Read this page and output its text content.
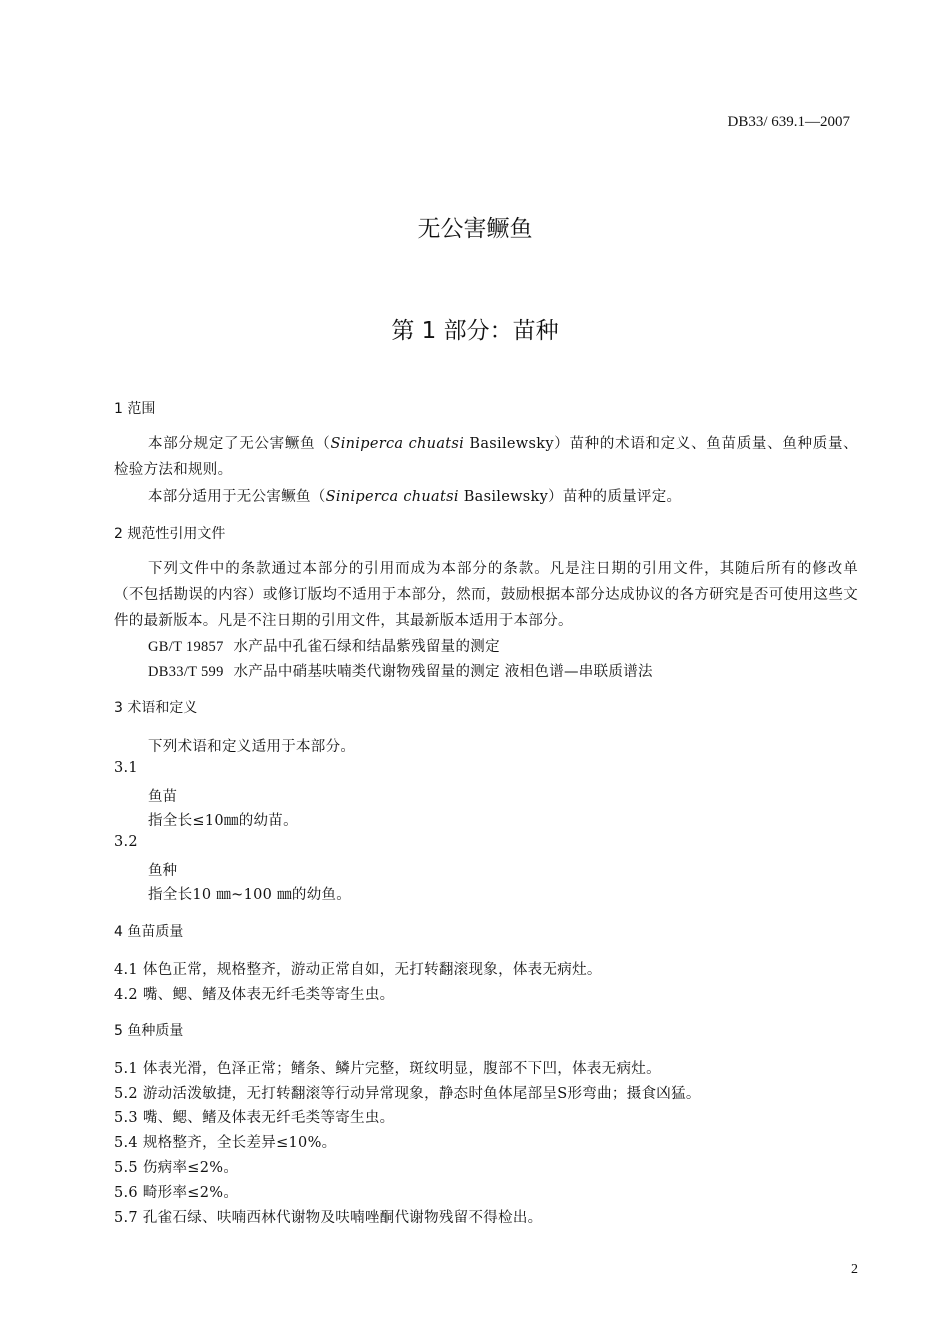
DB33/ 639.1—2007
无公害鳜鱼
第 1 部分：苗种
1 范围
本部分规定了无公害鳜鱼（Siniperca chuatsi Basilewsky）苗种的术语和定义、鱼苗质量、鱼种质量、检验方法和规则。
本部分适用于无公害鳜鱼（Siniperca chuatsi Basilewsky）苗种的质量评定。
2 规范性引用文件
下列文件中的条款通过本部分的引用而成为本部分的条款。凡是注日期的引用文件，其随后所有的修改单（不包括勘误的内容）或修订版均不适用于本部分，然而，鼓励根据本部分达成协议的各方研究是否可使用这些文件的最新版本。凡是不注日期的引用文件，其最新版本适用于本部分。
GB/T 19857 水产品中孔雀石绿和结晶紫残留量的测定
DB33/T 599 水产品中硝基呋喃类代谢物残留量的测定 液相色谱—串联质谱法
3 术语和定义
下列术语和定义适用于本部分。
3.1
鱼苗
指全长≤10㎜的幼苗。
3.2
鱼种
指全长10 ㎜~100 ㎜的幼鱼。
4 鱼苗质量
4.1 体色正常，规格整齐，游动正常自如，无打转翻滚现象，体表无病灶。
4.2 嘴、鳃、鳍及体表无纤毛类等寄生虫。
5 鱼种质量
5.1 体表光滑，色泽正常；鳍条、鳞片完整，斑纹明显，腹部不下凹，体表无病灶。
5.2 游动活泼敏捷，无打转翻滚等行动异常现象，静态时鱼体尾部呈S形弯曲；摄食凶猛。
5.3 嘴、鳃、鳍及体表无纤毛类等寄生虫。
5.4 规格整齐，全长差异≤10%。
5.5 伤病率≤2%。
5.6 畸形率≤2%。
5.7 孔雀石绿、呋喃西林代谢物及呋喃唑酮代谢物残留不得检出。
2
